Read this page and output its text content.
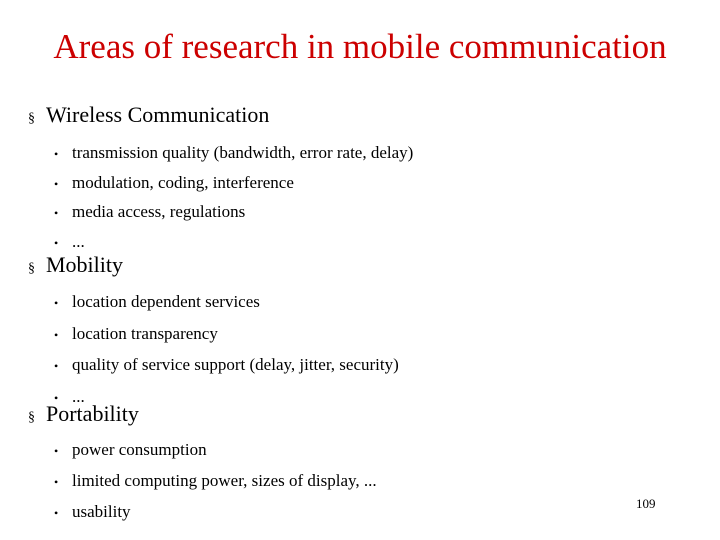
Areas of research in mobile communication
§ Wireless Communication
• transmission quality (bandwidth, error rate, delay)
• modulation, coding, interference
• media access, regulations
• ...
§ Mobility
• location dependent services
• location transparency
• quality of service support (delay, jitter, security)
• ...
§ Portability
• power consumption
• limited computing power, sizes of display, ...
• usability	109
